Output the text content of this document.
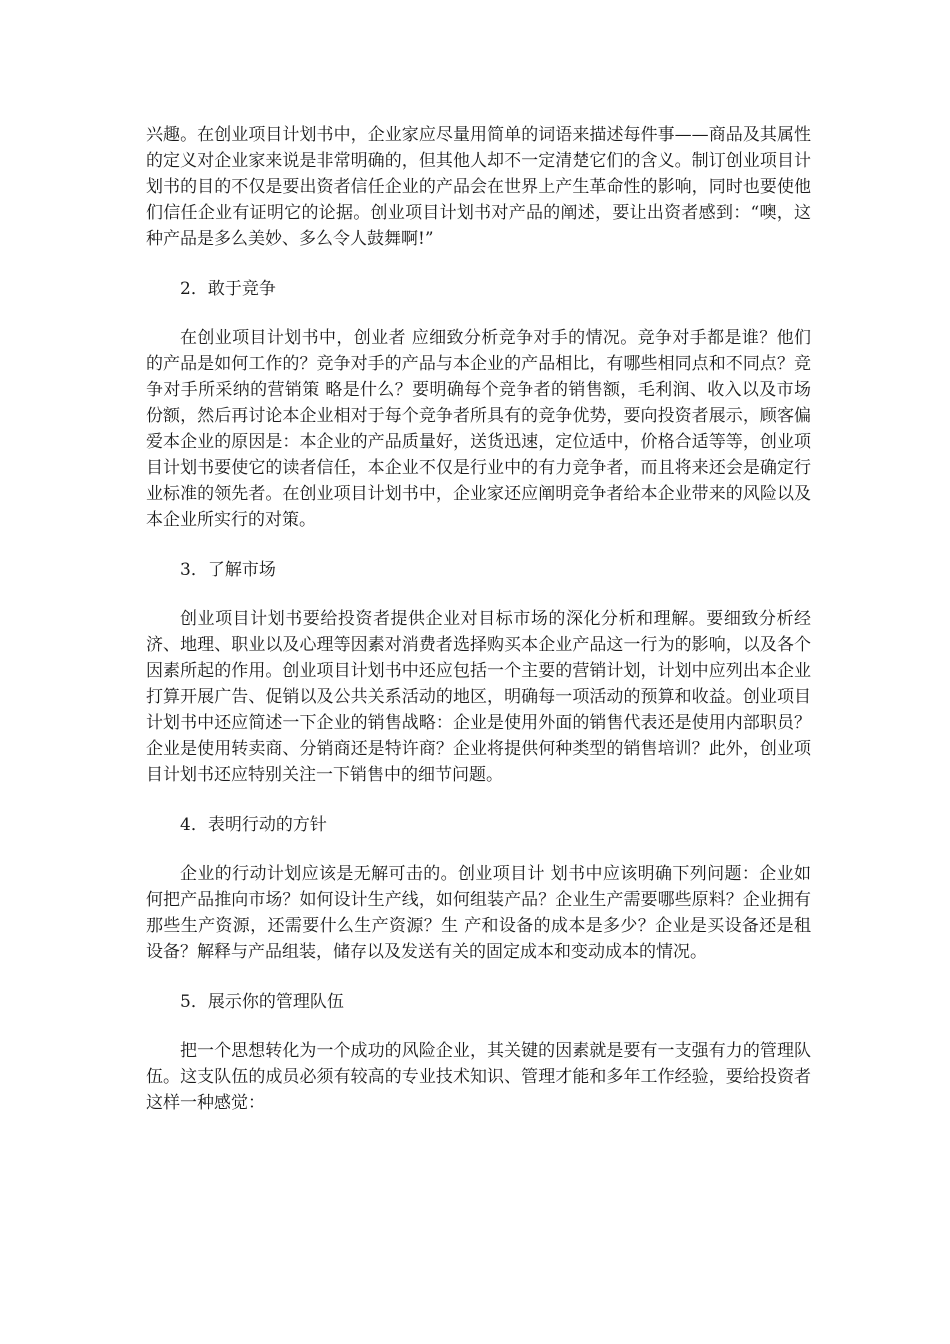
兴趣。在创业项目计划书中，企业家应尽量用简单的词语来描述每件事——商品及其属性的定义对企业家来说是非常明确的，但其他人却不一定清楚它们的含义。制订创业项目计划书的目的不仅是要出资者信任企业的产品会在世界上产生革命性的影响，同时也要使他们信任企业有证明它的论据。创业项目计划书对产品的阐述，要让出资者感到：“噢，这种产品是多么美妙、多么令人鼓舞啊!”

2．敢于竞争

在创业项目计划书中，创业者 应细致分析竞争对手的情况。竞争对手都是谁？他们的产品是如何工作的？竞争对手的产品与本企业的产品相比，有哪些相同点和不同点？竞争对手所采纳的营销策 略是什么？要明确每个竞争者的销售额，毛利润、收入以及市场份额，然后再讨论本企业相对于每个竞争者所具有的竞争优势，要向投资者展示，顾客偏爱本企业的原因是：本企业的产品质量好，送货迅速，定位适中，价格合适等等，创业项目计划书要使它的读者信任，本企业不仅是行业中的有力竞争者，而且将来还会是确定行业标准的领先者。在创业项目计划书中，企业家还应阐明竞争者给本企业带来的风险以及本企业所实行的对策。

3．了解市场

创业项目计划书要给投资者提供企业对目标市场的深化分析和理解。要细致分析经济、地理、职业以及心理等因素对消费者选择购买本企业产品这一行为的影响，以及各个因素所起的作用。创业项目计划书中还应包括一个主要的营销计划，计划中应列出本企业打算开展广告、促销以及公共关系活动的地区，明确每一项活动的预算和收益。创业项目计划书中还应简述一下企业的销售战略：企业是使用外面的销售代表还是使用内部职员？企业是使用转卖商、分销商还是特许商？企业将提供何种类型的销售培训？此外，创业项目计划书还应特别关注一下销售中的细节问题。

4．表明行动的方针

企业的行动计划应该是无解可击的。创业项目计 划书中应该明确下列问题：企业如何把产品推向市场？如何设计生产线，如何组装产品？企业生产需要哪些原料？企业拥有那些生产资源，还需要什么生产资源？生 产和设备的成本是多少？企业是买设备还是租设备？解释与产品组装，储存以及发送有关的固定成本和变动成本的情况。

5．展示你的管理队伍

把一个思想转化为一个成功的风险企业，其关键的因素就是要有一支强有力的管理队伍。这支队伍的成员必须有较高的专业技术知识、管理才能和多年工作经验，要给投资者这样一种感觉：
